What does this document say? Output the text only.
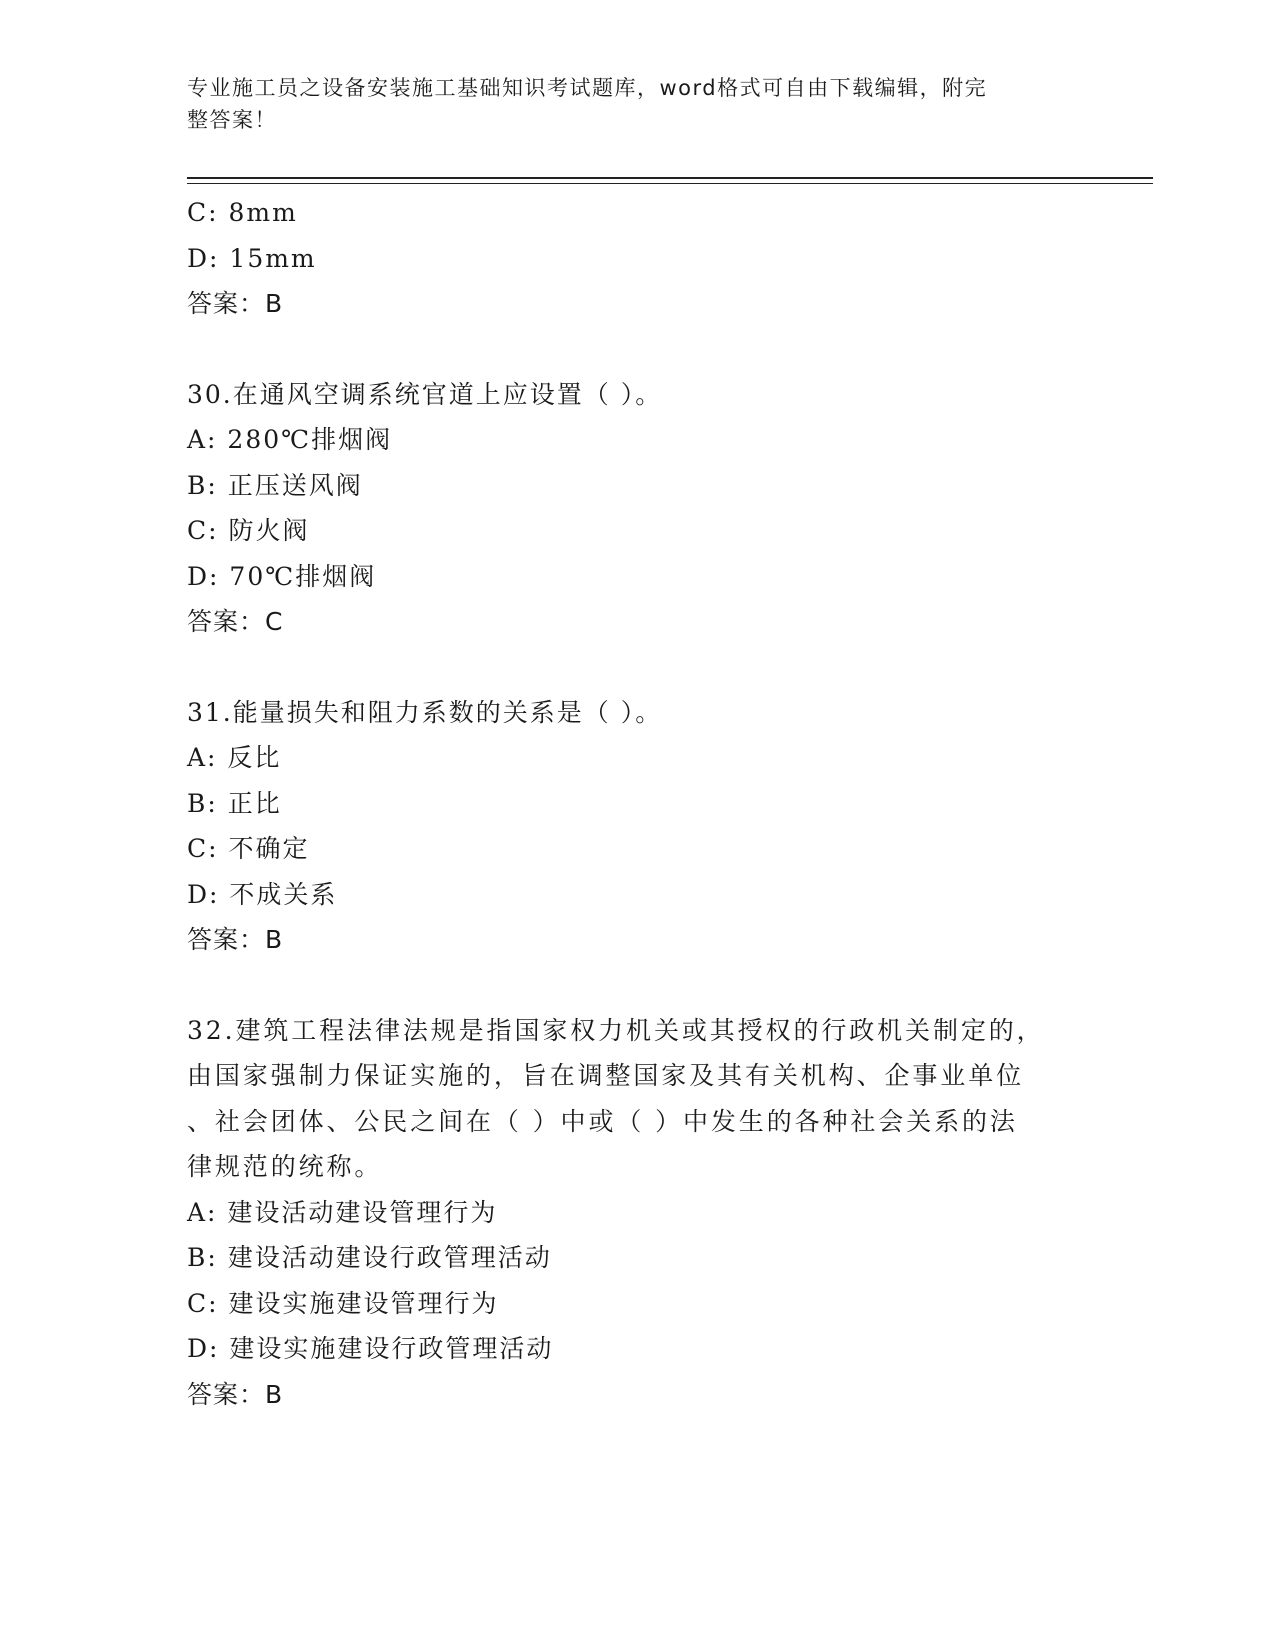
专业施工员之设备安装施工基础知识考试题库，word格式可自由下载编辑，附完
整答案！
C: 8mm
D: 15mm
答案：B
30.在通风空调系统官道上应设置（ ）。
A: 280℃排烟阀
B: 正压送风阀
C: 防火阀
D: 70℃排烟阀
答案：C
31.能量损失和阻力系数的关系是（ ）。
A: 反比
B: 正比
C: 不确定
D: 不成关系
答案：B
32.建筑工程法律法规是指国家权力机关或其授权的行政机关制定的，
由国家强制力保证实施的，旨在调整国家及其有关机构、企事业单位
、社会团体、公民之间在（ ）中或（ ）中发生的各种社会关系的法
律规范的统称。
A: 建设活动建设管理行为
B: 建设活动建设行政管理活动
C: 建设实施建设管理行为
D: 建设实施建设行政管理活动
答案：B
